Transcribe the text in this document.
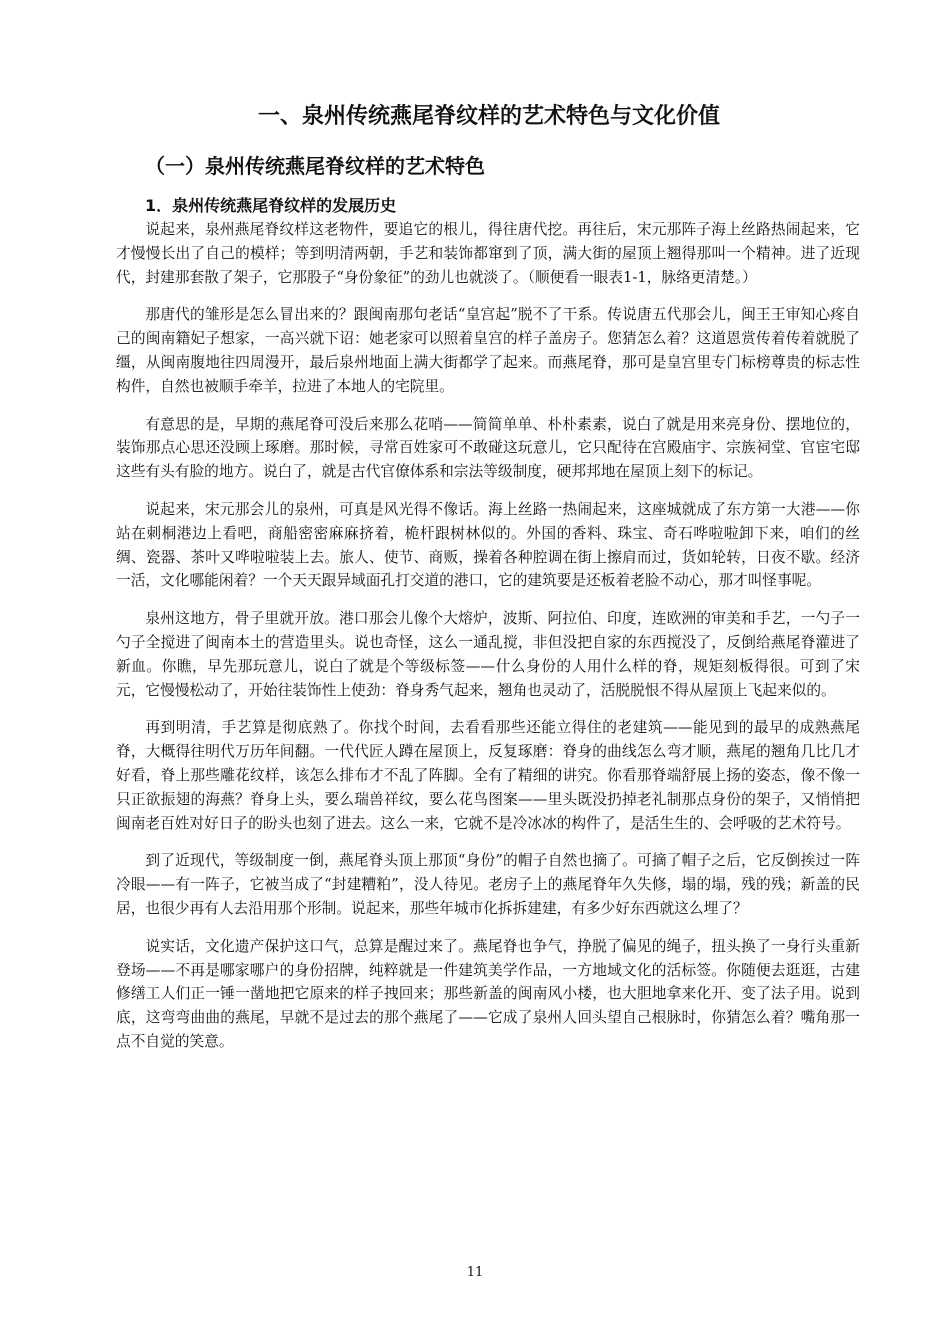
一、泉州传统燕尾脊纹样的艺术特色与文化价值
（一）泉州传统燕尾脊纹样的艺术特色
1．泉州传统燕尾脊纹样的发展历史

说起来，泉州燕尾脊纹样这老物件，要追它的根儿，得往唐代挖。再往后，宋元那阵子海上丝路热闹起来，它才慢慢长出了自己的模样；等到明清两朝，手艺和装饰都窜到了顶，满大街的屋顶上翘得那叫一个精神。进了近现代，封建那套散了架子，它那股子“身份象征”的劲儿也就淡了。（顺便看一眼表1-1，脉络更清楚。）

那唐代的雏形是怎么冒出来的？跟闽南那句老话“皇宫起”脱不了干系。传说唐五代那会儿，闽王王审知心疼自己的闽南籍妃子想家，一高兴就下诏：她老家可以照着皇宫的样子盖房子。您猜怎么着？这道恩赏传着传着就脱了缰，从闽南腹地往四周漫开，最后泉州地面上满大街都学了起来。而燕尾脊，那可是皇宫里专门标榜尊贵的标志性构件，自然也被顺手牵羊，拉进了本地人的宅院里。

有意思的是，早期的燕尾脊可没后来那么花哨——简简单单、朴朴素素，说白了就是用来亮身份、摆地位的，装饰那点心思还没顾上琢磨。那时候，寻常百姓家可不敢碰这玩意儿，它只配待在宫殿庙宇、宗族祠堂、官宦宅邸这些有头有脸的地方。说白了，就是古代官僚体系和宗法等级制度，硬邦邦地在屋顶上刻下的标记。

说起来，宋元那会儿的泉州，可真是风光得不像话。海上丝路一热闹起来，这座城就成了东方第一大港——你站在刺桐港边上看吧，商船密密麻麻挤着，桅杆跟树林似的。外国的香料、珠宝、奇石哗啦啦卸下来，咱们的丝绸、瓷器、茶叶又哗啦啦装上去。旅人、使节、商贩，操着各种腔调在街上擦肩而过，货如轮转，日夜不歇。经济一活，文化哪能闲着？一个天天跟异域面孔打交道的港口，它的建筑要是还板着老脸不动心，那才叫怪事呢。

泉州这地方，骨子里就开放。港口那会儿像个大熔炉，波斯、阿拉伯、印度，连欧洲的审美和手艺，一勺子一勺子全搅进了闽南本土的营造里头。说也奇怪，这么一通乱搅，非但没把自家的东西搅没了，反倒给燕尾脊灌进了新血。你瞧，早先那玩意儿，说白了就是个等级标签——什么身份的人用什么样的脊，规矩刻板得很。可到了宋元，它慢慢松动了，开始往装饰性上使劲：脊身秀气起来，翘角也灵动了，活脱脱恨不得从屋顶上飞起来似的。

再到明清，手艺算是彻底熟了。你找个时间，去看看那些还能立得住的老建筑——能见到的最早的成熟燕尾脊，大概得往明代万历年间翻。一代代匠人蹲在屋顶上，反复琢磨：脊身的曲线怎么弯才顺，燕尾的翘角几比几才好看，脊上那些雕花纹样，该怎么排布才不乱了阵脚。全有了精细的讲究。你看那脊端舒展上扬的姿态，像不像一只正欲振翅的海燕？脊身上头，要么瑞兽祥纹，要么花鸟图案——里头既没扔掉老礼制那点身份的架子，又悄悄把闽南老百姓对好日子的盼头也刻了进去。这么一来，它就不是冷冰冰的构件了，是活生生的、会呼吸的艺术符号。

到了近现代，等级制度一倒，燕尾脊头顶上那顶“身份”的帽子自然也摘了。可摘了帽子之后，它反倒挨过一阵冷眼——有一阵子，它被当成了“封建糟粕”，没人待见。老房子上的燕尾脊年久失修，塌的塌，残的残；新盖的民居，也很少再有人去沿用那个形制。说起来，那些年城市化拆拆建建，有多少好东西就这么埋了？

说实话，文化遗产保护这口气，总算是醒过来了。燕尾脊也争气，挣脱了偏见的绳子，扭头换了一身行头重新登场——不再是哪家哪户的身份招牌，纯粹就是一件建筑美学作品，一方地域文化的活标签。你随便去逛逛，古建修缮工人们正一锤一凿地把它原来的样子拽回来；那些新盖的闽南风小楼，也大胆地拿来化开、变了法子用。说到底，这弯弯曲曲的燕尾，早就不是过去的那个燕尾了——它成了泉州人回头望自己根脉时，你猜怎么着？嘴角那一点不自觉的笑意。

11
